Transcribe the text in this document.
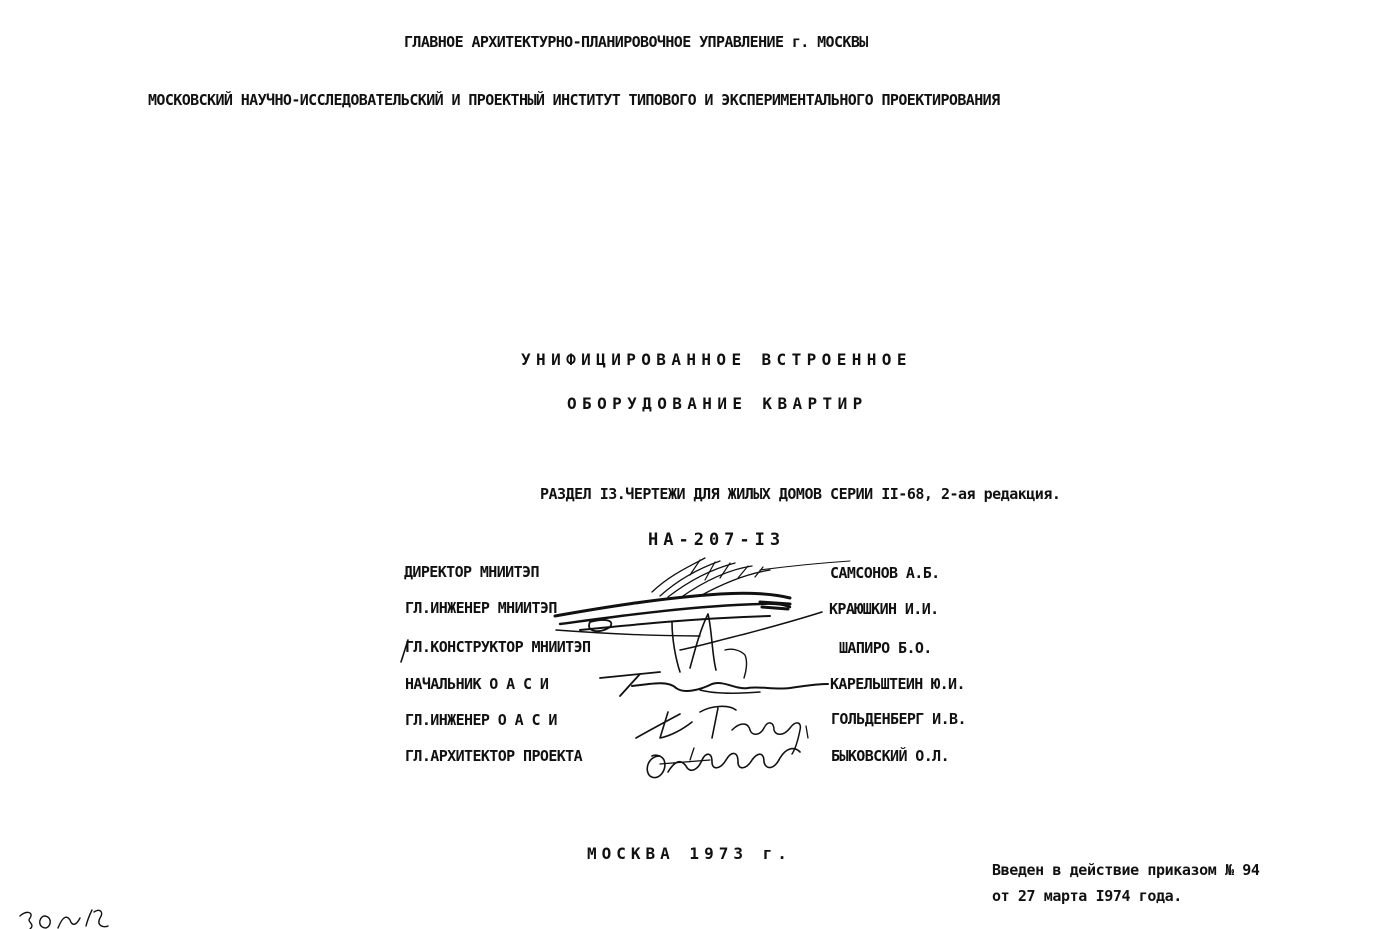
ГЛАВНОЕ АРХИТЕКТУРНО-ПЛАНИРОВОЧНОЕ УПРАВЛЕНИЕ г. МОСКВЫ
МОСКОВСКИЙ НАУЧНО-ИССЛЕДОВАТЕЛЬСКИЙ И ПРОЕКТНЫЙ ИНСТИТУТ ТИПОВОГО И ЭКСПЕРИМЕНТАЛЬНОГО ПРОЕКТИРОВАНИЯ
УНИФИЦИРОВАННОЕ ВСТРОЕННОЕ
ОБОРУДОВАНИЕ КВАРТИР
РАЗДЕЛ I3.ЧЕРТЕЖИ ДЛЯ ЖИЛЫХ ДОМОВ СЕРИИ II-68, 2-ая редакция.
НА-207-I3
ДИРЕКТОР МНИИТЭП
ГЛ.ИНЖЕНЕР МНИИТЭП
ГЛ.КОНСТРУКТОР МНИИТЭП
НАЧАЛЬНИК О А С И
ГЛ.ИНЖЕНЕР О А С И
ГЛ.АРХИТЕКТОР ПРОЕКТА
САМСОНОВ А.Б.
КРАЮШКИН И.И.
ШАПИРО Б.О.
КАРЕЛЬШТЕИН Ю.И.
ГОЛЬДЕНБЕРГ И.В.
БЫКОВСКИЙ О.Л.
МОСКВА 1973 г.
Введен в действие приказом № 94
от 27 марта I974 года.
